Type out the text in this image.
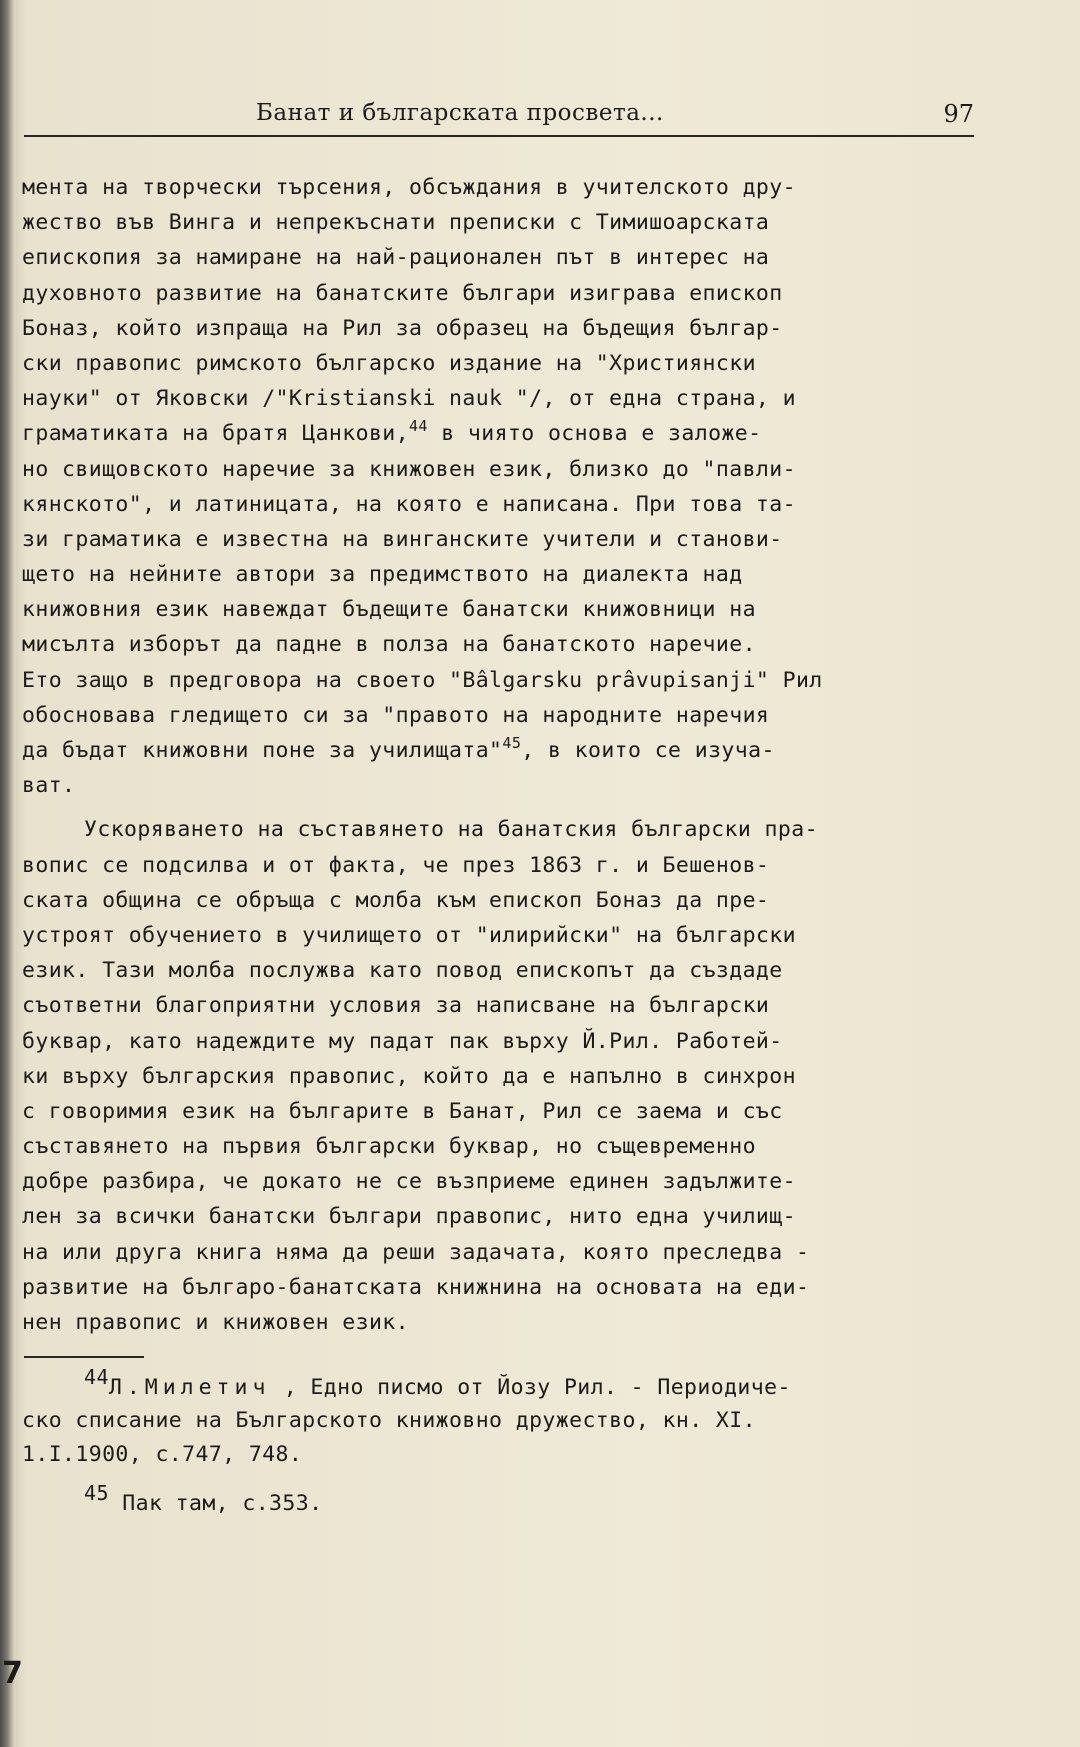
Банат и българската просвета...	97
мента на творчески търсения, обсъждания в учителското дру-
жество във Винга и непрекъснати преписки с Тимишоарската
епископия за намиране на най-рационален път в интерес на
духовното развитие на банатските българи изиграва епископ
Боназ, който изпраща на Рил за образец на бъдещия българ-
ски правопис римското българско издание на "Християнски
науки" от Яковски /"Kristianski nauk "/, от една страна, и
граматиката на братя Цанкови,$^{44}$ в чиято основа е заложе-
но свищовското наречие за книжовен език, близко до "павли-
кянското", и латиницата, на която е написана. При това та-
зи граматика е известна на винганските учители и станови-
щето на нейните автори за предимството на диалекта над
книжовния език навеждат бъдещите банатски книжовници на
мисълта изборът да падне в полза на банатското наречие.
Ето защо в предговора на своето "Bâlgarsku prâvupisanji" Рил
обосновава гледището си за "правото на народните наречия
да бъдат книжовни поне за училищата"$^{45}$, в които се изуча-
ват.
Ускоряването на съставянето на банатския български пра-
вопис се подсилва и от факта, че през 1863 г. и Бешенов-
ската община се обръща с молба към епископ Боназ да пре-
устроят обучението в училището от "илирийски" на български
език. Тази молба послужва като повод епископът да създаде
съответни благоприятни условия за написване на български
буквар, като надеждите му падат пак върху Й.Рил. Работей-
ки върху българския правопис, който да е напълно в синхрон
с говоримия език на българите в Банат, Рил се заема и със
съставянето на първия български буквар, но същевременно
добре разбира, че докато не се възприеме единен задължите-
лен за всички банатски българи правопис, нито една училищ-
на или друга книга няма да реши задачата, която преследва -
развитие на българо-банатската книжнина на основата на еди-
нен правопис и книжовен език.
44Л.Милетич , Едно писмо от Йозу Рил. - Периодиче-
ско списание на Българското книжовно дружество, кн. XI.
1.I.1900, с.747, 748.
45 Пак там, с.353.
7
